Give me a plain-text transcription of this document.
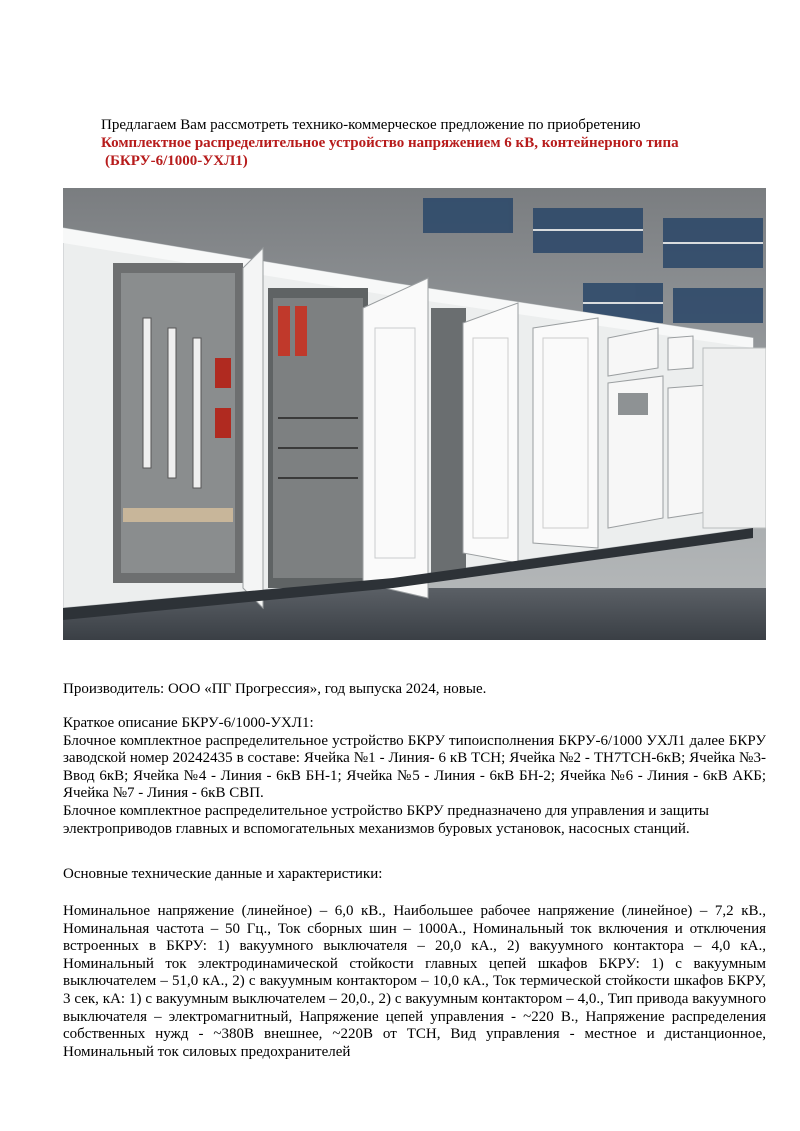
Предлагаем Вам рассмотреть технико-коммерческое предложение по приобретению
Комплектное распределительное устройство напряжением 6 кВ, контейнерного типа
(БКРУ-6/1000-УХЛ1)
Производитель: ООО «ПГ Прогрессия», год выпуска 2024, новые.
Краткое описание БКРУ-6/1000-УХЛ1:
Блочное комплектное распределительное устройство БКРУ типоисполнения БКРУ-6/1000 УХЛ1 далее БКРУ заводской номер 20242435 в составе: Ячейка №1 - Линия- 6 кВ ТСН; Ячейка №2 - ТН7ТСН-6кВ; Ячейка №3- Ввод 6кВ; Ячейка №4 - Линия - 6кВ БН-1; Ячейка №5 - Линия - 6кВ БН-2; Ячейка №6 - Линия - 6кВ АКБ; Ячейка №7 - Линия - 6кВ СВП.
Блочное комплектное распределительное устройство БКРУ предназначено для управления и защиты электроприводов главных и вспомогательных механизмов буровых установок, насосных станций.
Основные технические данные и характеристики:
Номинальное напряжение (линейное) – 6,0 кВ., Наибольшее рабочее напряжение (линейное) – 7,2 кВ., Номинальная частота – 50 Гц., Ток сборных шин – 1000А., Номинальный ток включения и отключения встроенных в БКРУ: 1) вакуумного выключателя – 20,0 кА., 2) вакуумного контактора – 4,0 кА., Номинальный ток электродинамической стойкости главных цепей шкафов БКРУ: 1) с вакуумным выключателем – 51,0 кА., 2) с вакуумным контактором – 10,0 кА., Ток термической стойкости шкафов БКРУ, 3 сек, кА: 1) с вакуумным выключателем – 20,0., 2) с вакуумным контактором – 4,0., Тип привода вакуумного выключателя – электромагнитный, Напряжение цепей управления - ~220 В., Напряжение распределения собственных нужд - ~380В внешнее, ~220В от ТСН, Вид управления - местное и дистанционное, Номинальный ток силовых предохранителей
